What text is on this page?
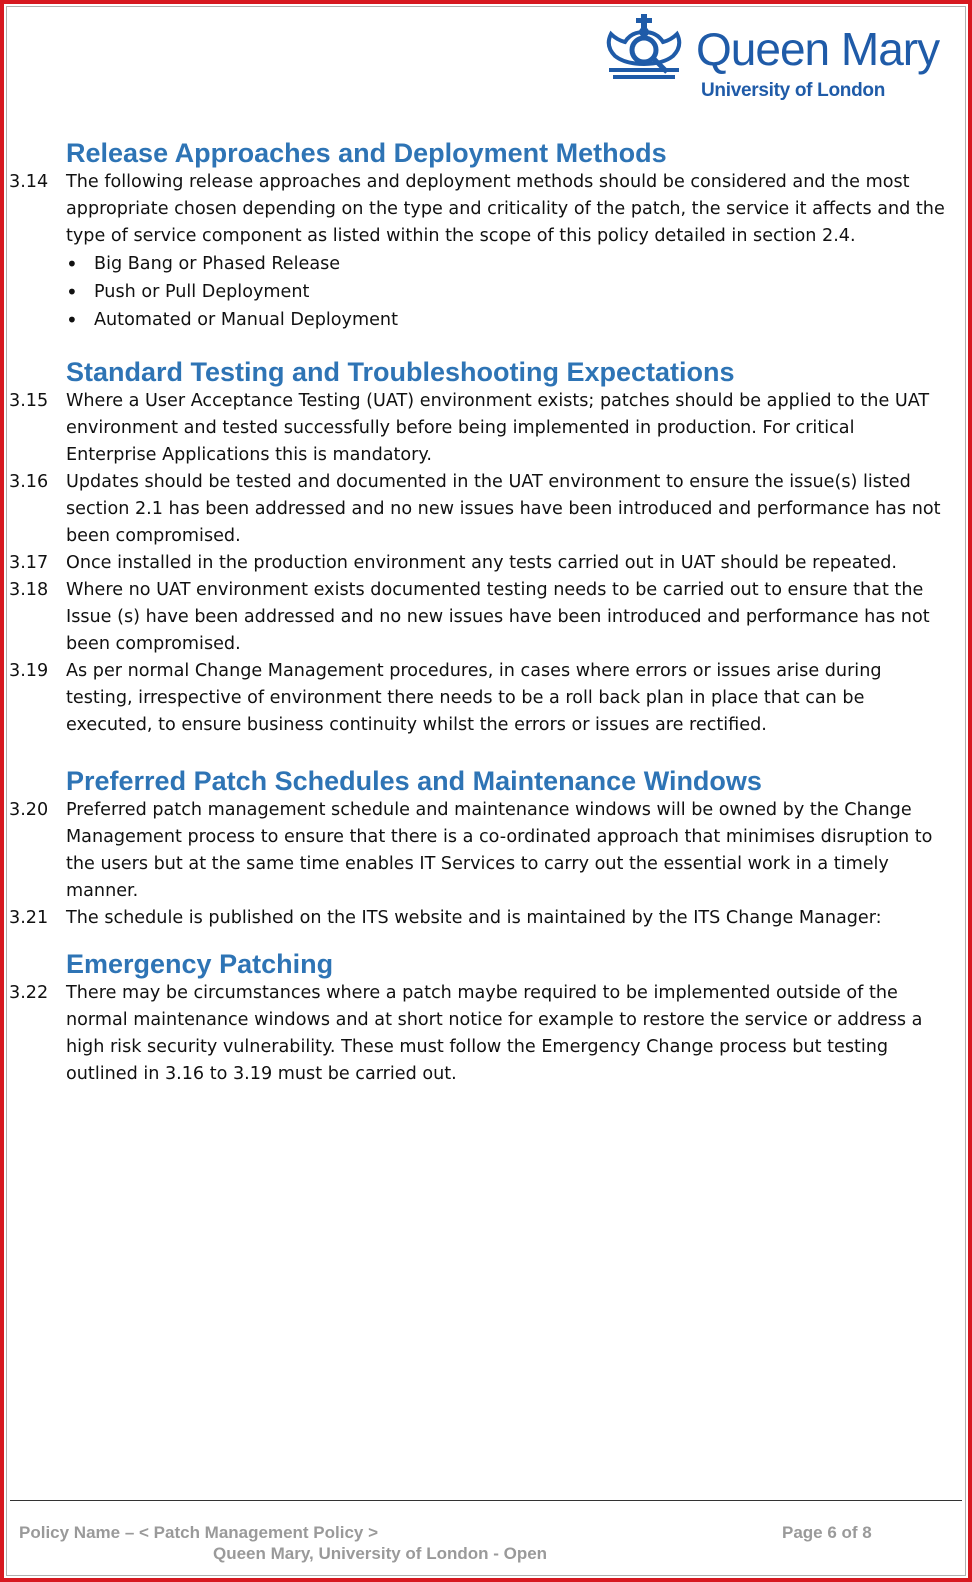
Queen Mary
University of London
Release Approaches and Deployment Methods
3.14	The following release approaches and deployment methods should be considered and the most appropriate chosen depending on the type and criticality of the patch, the service it affects and the type of service component as listed within the scope of this policy detailed in section 2.4.
• Big Bang or Phased Release
• Push or Pull Deployment
• Automated or Manual Deployment
Standard Testing and Troubleshooting Expectations
3.15	Where a User Acceptance Testing (UAT) environment exists; patches should be applied to the UAT environment and tested successfully before being implemented in production. For critical Enterprise Applications this is mandatory.
3.16	Updates should be tested and documented in the UAT environment to ensure the issue(s) listed section 2.1 has been addressed and no new issues have been introduced and performance has not been compromised.
3.17	Once installed in the production environment any tests carried out in UAT should be repeated.
3.18	Where no UAT environment exists documented testing needs to be carried out to ensure that the Issue (s) have been addressed and no new issues have been introduced and performance has not been compromised.
3.19	As per normal Change Management procedures, in cases where errors or issues arise during testing, irrespective of environment there needs to be a roll back plan in place that can be executed, to ensure business continuity whilst the errors or issues are rectified.
Preferred Patch Schedules and Maintenance Windows
3.20	Preferred patch management schedule and maintenance windows will be owned by the Change Management process to ensure that there is a co-ordinated approach that minimises disruption to the users but at the same time enables IT Services to carry out the essential work in a timely manner.
3.21	The schedule is published on the ITS website and is maintained by the ITS Change Manager:
Emergency Patching
3.22	There may be circumstances where a patch maybe required to be implemented outside of the normal maintenance windows and at short notice for example to restore the service or address a high risk security vulnerability. These must follow the Emergency Change process but testing outlined in 3.16 to 3.19 must be carried out.
Policy Name – < Patch Management Policy >	Page 6 of 8
Queen Mary, University of London - Open
